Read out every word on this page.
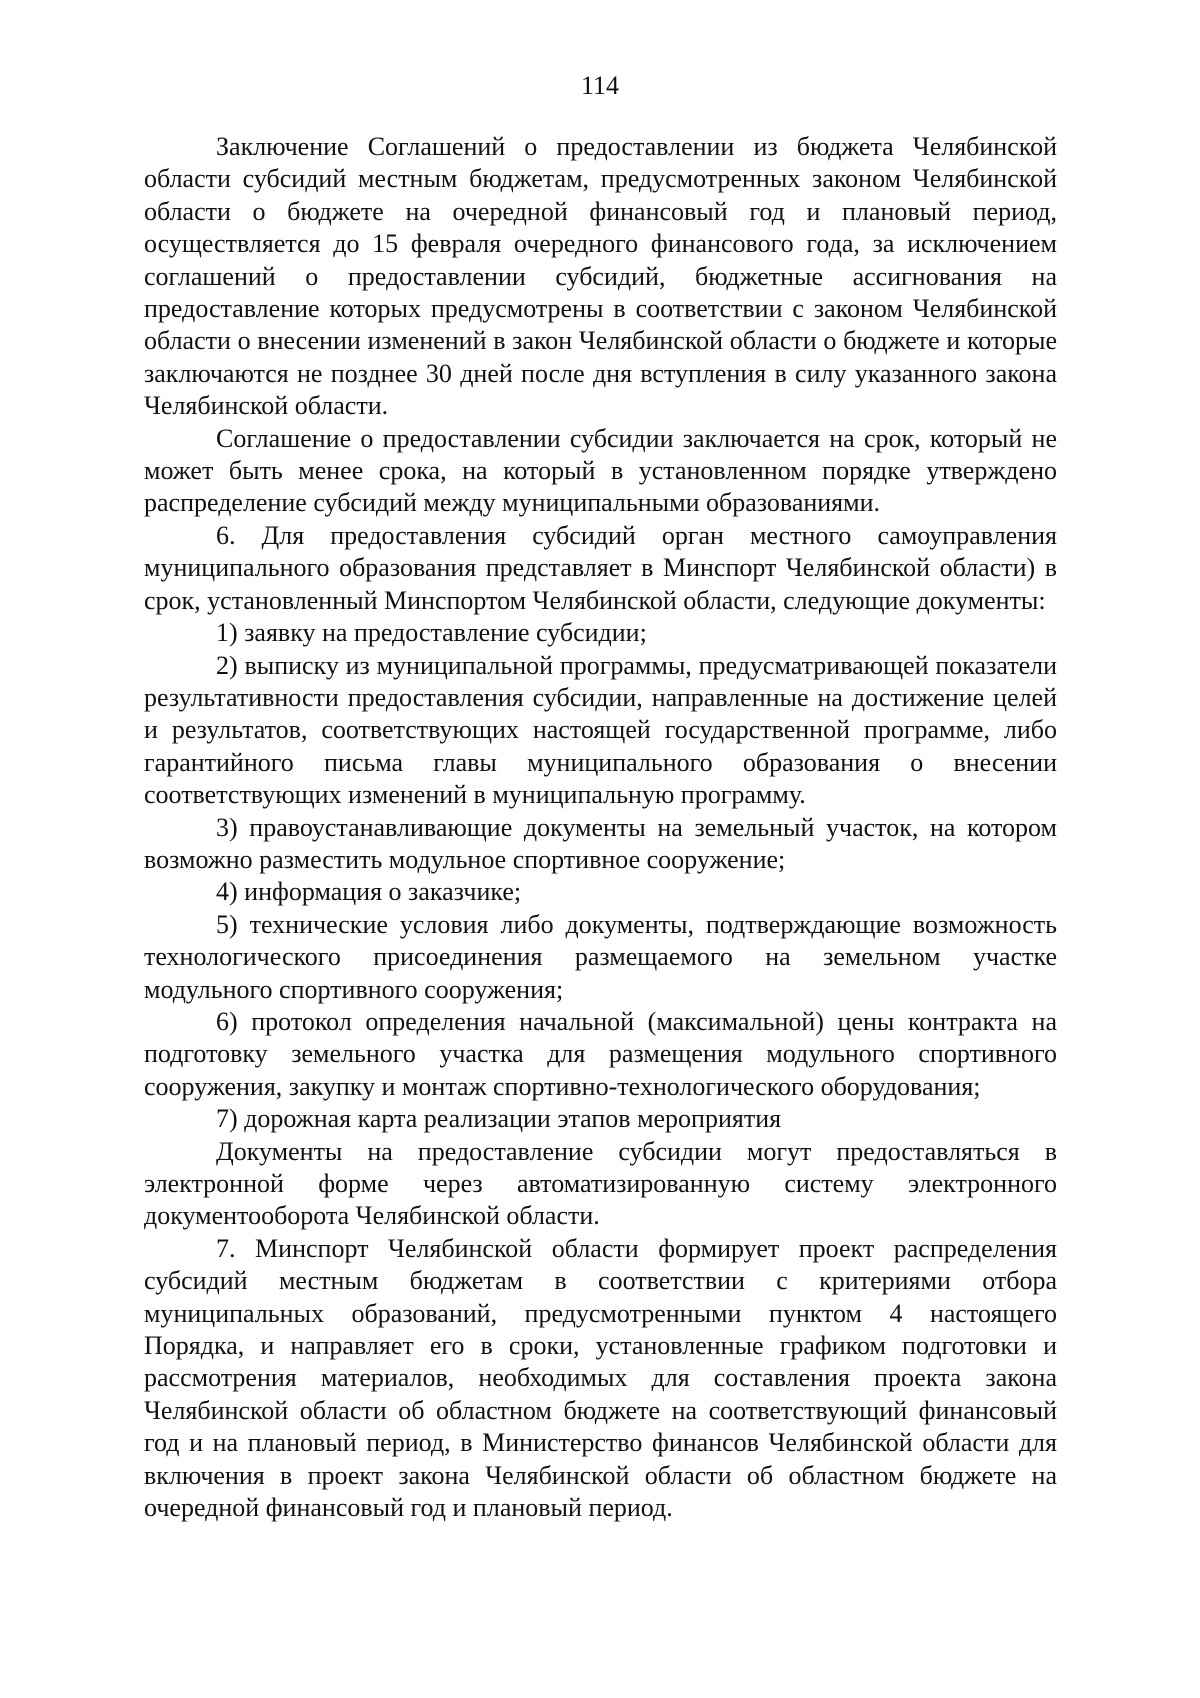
114

Заключение Соглашений о предоставлении из бюджета Челябинской области субсидий местным бюджетам, предусмотренных законом Челябинской области о бюджете на очередной финансовый год и плановый период, осуществляется до 15 февраля очередного финансового года, за исключением соглашений о предоставлении субсидий, бюджетные ассигнования на предоставление которых предусмотрены в соответствии с законом Челябинской области о внесении изменений в закон Челябинской области о бюджете и которые заключаются не позднее 30 дней после дня вступления в силу указанного закона Челябинской области.

Соглашение о предоставлении субсидии заключается на срок, который не может быть менее срока, на который в установленном порядке утверждено распределение субсидий между муниципальными образованиями.

6. Для предоставления субсидий орган местного самоуправления муниципального образования представляет в Минспорт Челябинской области) в срок, установленный Минспортом Челябинской области, следующие документы:

1) заявку на предоставление субсидии;

2) выписку из муниципальной программы, предусматривающей показатели результативности предоставления субсидии, направленные на достижение целей и результатов, соответствующих настоящей государственной программе, либо гарантийного письма главы муниципального образования о внесении соответствующих изменений в муниципальную программу.

3) правоустанавливающие документы на земельный участок, на котором возможно разместить модульное спортивное сооружение;

4) информация о заказчике;

5) технические условия либо документы, подтверждающие возможность технологического присоединения размещаемого на земельном участке модульного спортивного сооружения;

6) протокол определения начальной (максимальной) цены контракта на подготовку земельного участка для размещения модульного спортивного сооружения, закупку и монтаж спортивно-технологического оборудования;

7) дорожная карта реализации этапов мероприятия

Документы на предоставление субсидии могут предоставляться в электронной форме через автоматизированную систему электронного документооборота Челябинской области.

7. Минспорт Челябинской области формирует проект распределения субсидий местным бюджетам в соответствии с критериями отбора муниципальных образований, предусмотренными пунктом 4 настоящего Порядка, и направляет его в сроки, установленные графиком подготовки и рассмотрения материалов, необходимых для составления проекта закона Челябинской области об областном бюджете на соответствующий финансовый год и на плановый период, в Министерство финансов Челябинской области для включения в проект закона Челябинской области об областном бюджете на очередной финансовый год и плановый период.
